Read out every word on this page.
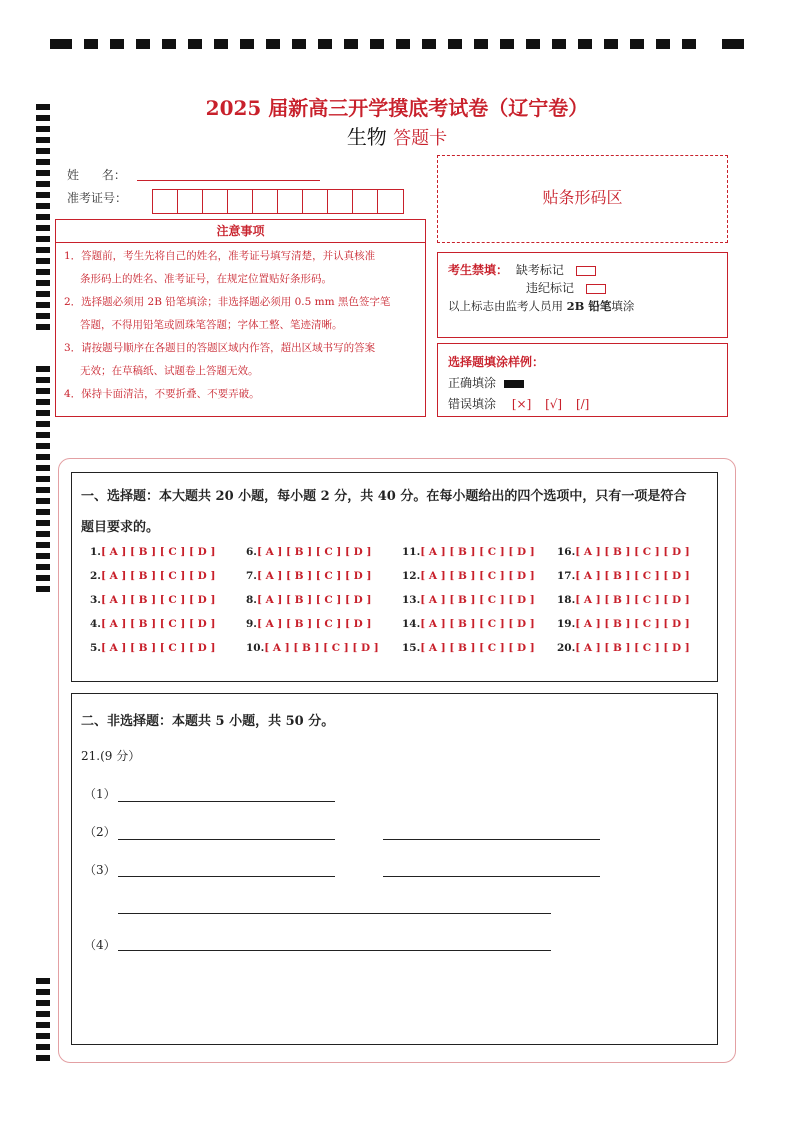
2025 届新高三开学摸底考试卷（辽宁卷）
生物 答题卡
姓      名：
准考证号：	贴条形码区
注意事项
1．答题前，考生先将自己的姓名，准考证号填写清楚，并认真核准
条形码上的姓名、准考证号，在规定位置贴好条形码。
2．选择题必须用 2B 铅笔填涂；非选择题必须用 0.5 mm 黑色签字笔
答题，不得用铅笔或圆珠笔答题；字体工整、笔迹清晰。
3．请按题号顺序在各题目的答题区域内作答，超出区域书写的答案
无效；在草稿纸、试题卷上答题无效。
4．保持卡面清洁，不要折叠、不要弄破。
考生禁填： 缺考标记
违纪标记
以上标志由监考人员用 2B 铅笔填涂
选择题填涂样例：
正确填涂
错误填涂 [×] [√] [/]
一、选择题：本大题共 20 小题，每小题 2 分，共 40 分。在每小题给出的四个选项中，只有一项是符合
题目要求的。
1.[ A ] [ B ] [ C ] [ D ]
2.[ A ] [ B ] [ C ] [ D ]
3.[ A ] [ B ] [ C ] [ D ]
4.[ A ] [ B ] [ C ] [ D ]
5.[ A ] [ B ] [ C ] [ D ]
6.[ A ] [ B ] [ C ] [ D ]
7.[ A ] [ B ] [ C ] [ D ]
8.[ A ] [ B ] [ C ] [ D ]
9.[ A ] [ B ] [ C ] [ D ]
10.[ A ] [ B ] [ C ] [ D ]
11.[ A ] [ B ] [ C ] [ D ]
12.[ A ] [ B ] [ C ] [ D ]
13.[ A ] [ B ] [ C ] [ D ]
14.[ A ] [ B ] [ C ] [ D ]
15.[ A ] [ B ] [ C ] [ D ]
16.[ A ] [ B ] [ C ] [ D ]
17.[ A ] [ B ] [ C ] [ D ]
18.[ A ] [ B ] [ C ] [ D ]
19.[ A ] [ B ] [ C ] [ D ]
20.[ A ] [ B ] [ C ] [ D ]
二、非选择题：本题共 5 小题，共 50 分。
21.(9 分）
（1）
（2）
（3）
（4）
